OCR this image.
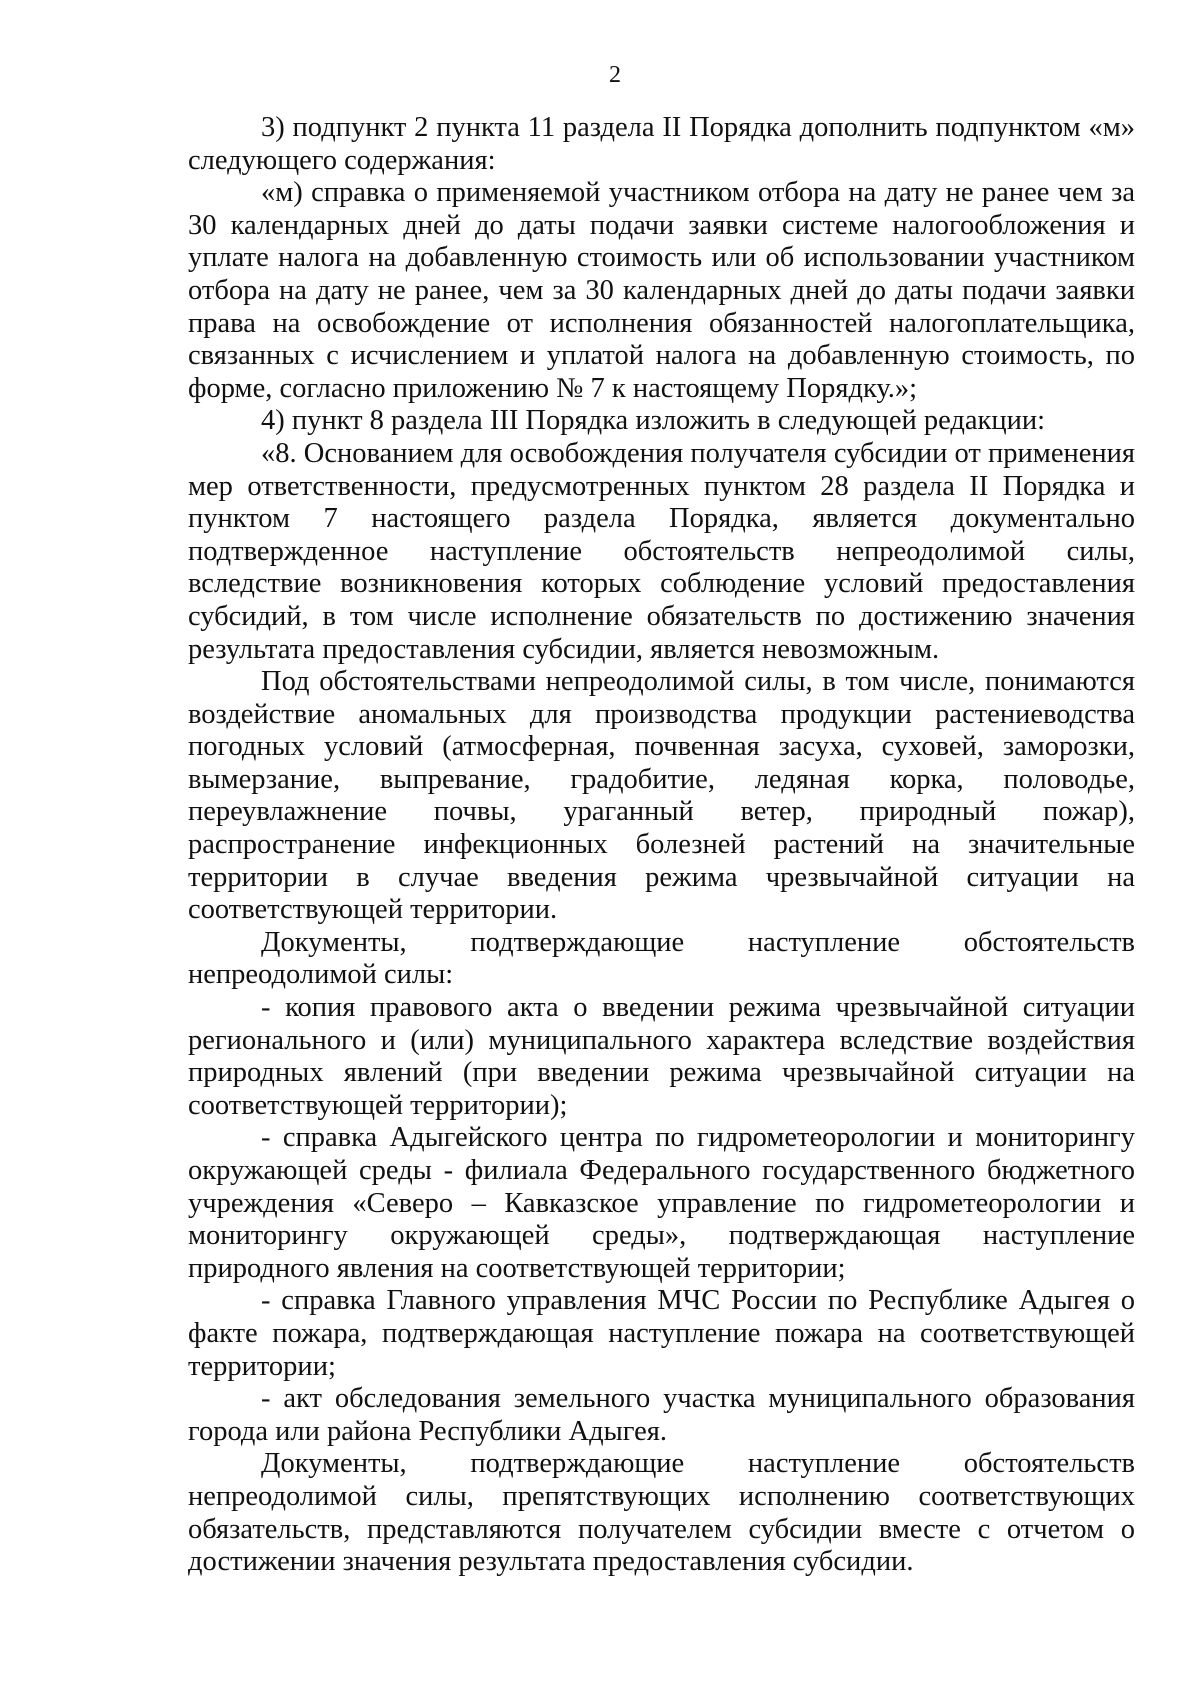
2

3) подпункт 2 пункта 11 раздела II Порядка дополнить подпунктом «м» следующего содержания:

«м) справка о применяемой участником отбора на дату не ранее чем за 30 календарных дней до даты подачи заявки системе налогообложения и уплате налога на добавленную стоимость или об использовании участником отбора на дату не ранее, чем за 30 календарных дней до даты подачи заявки права на освобождение от исполнения обязанностей налогоплательщика, связанных с исчислением и уплатой налога на добавленную стоимость, по форме, согласно приложению № 7 к настоящему Порядку.»;

4) пункт 8 раздела III Порядка изложить в следующей редакции:

«8. Основанием для освобождения получателя субсидии от применения мер ответственности, предусмотренных пунктом 28 раздела II Порядка и пунктом 7 настоящего раздела Порядка, является документально подтвержденное наступление обстоятельств непреодолимой силы, вследствие возникновения которых соблюдение условий предоставления субсидий, в том числе исполнение обязательств по достижению значения результата предоставления субсидии, является невозможным.

Под обстоятельствами непреодолимой силы, в том числе, понимаются воздействие аномальных для производства продукции растениеводства погодных условий (атмосферная, почвенная засуха, суховей, заморозки, вымерзание, выпревание, градобитие, ледяная корка, половодье, переувлажнение почвы, ураганный ветер, природный пожар), распространение инфекционных болезней растений на значительные территории в случае введения режима чрезвычайной ситуации на соответствующей территории.

Документы, подтверждающие наступление обстоятельств непреодолимой силы:

- копия правового акта о введении режима чрезвычайной ситуации регионального и (или) муниципального характера вследствие воздействия природных явлений (при введении режима чрезвычайной ситуации на соответствующей территории);

- справка Адыгейского центра по гидрометеорологии и мониторингу окружающей среды - филиала Федерального государственного бюджетного учреждения «Северо – Кавказское управление по гидрометеорологии и мониторингу окружающей среды», подтверждающая наступление природного явления на соответствующей территории;

- справка Главного управления МЧС России по Республике Адыгея о факте пожара, подтверждающая наступление пожара на соответствующей территории;

- акт обследования земельного участка муниципального образования города или района Республики Адыгея.

Документы, подтверждающие наступление обстоятельств непреодолимой силы, препятствующих исполнению соответствующих обязательств, представляются получателем субсидии вместе с отчетом о достижении значения результата предоставления субсидии.
